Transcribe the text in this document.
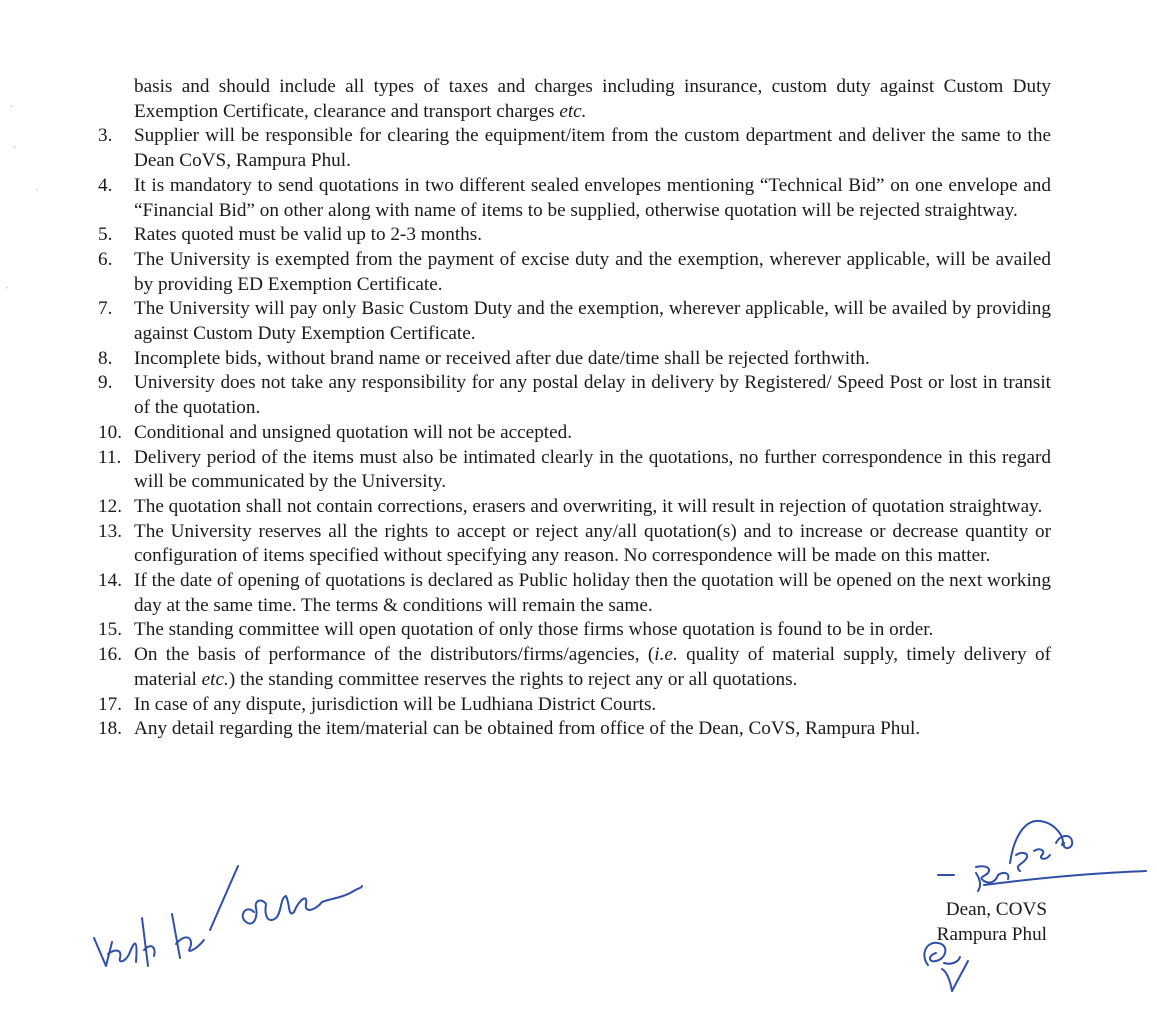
·
˛
ˏ
ˏ
basis and should include all types of taxes and charges including insurance, custom duty against Custom Duty Exemption Certificate, clearance and transport charges etc.
3.	Supplier will be responsible for clearing the equipment/item from the custom department and deliver the same to the Dean CoVS, Rampura Phul.
4.	It is mandatory to send quotations in two different sealed envelopes mentioning “Technical Bid” on one envelope and “Financial Bid” on other along with name of items to be supplied, otherwise quotation will be rejected straightway.
5.	Rates quoted must be valid up to 2-3 months.
6.	The University is exempted from the payment of excise duty and the exemption, wherever applicable, will be availed by providing ED Exemption Certificate.
7.	The University will pay only Basic Custom Duty and the exemption, wherever applicable, will be availed by providing against Custom Duty Exemption Certificate.
8.	Incomplete bids, without brand name or received after due date/time shall be rejected forthwith.
9.	University does not take any responsibility for any postal delay in delivery by Registered/ Speed Post or lost in transit of the quotation.
10. Conditional and unsigned quotation will not be accepted.
11. Delivery period of the items must also be intimated clearly in the quotations, no further correspondence in this regard will be communicated by the University.
12. The quotation shall not contain corrections, erasers and overwriting, it will result in rejection of quotation straightway.
13. The University reserves all the rights to accept or reject any/all quotation(s) and to increase or decrease quantity or configuration of items specified without specifying any reason. No correspondence will be made on this matter.
14. If the date of opening of quotations is declared as Public holiday then the quotation will be opened on the next working day at the same time. The terms & conditions will remain the same.
15. The standing committee will open quotation of only those firms whose quotation is found to be in order.
16. On the basis of performance of the distributors/firms/agencies, (i.e. quality of material supply, timely delivery of material etc.) the standing committee reserves the rights to reject any or all quotations.
17. In case of any dispute, jurisdiction will be Ludhiana District Courts.
18. Any detail regarding the item/material can be obtained from office of the Dean, CoVS, Rampura Phul.
Dean, COVS
Rampura Phul
